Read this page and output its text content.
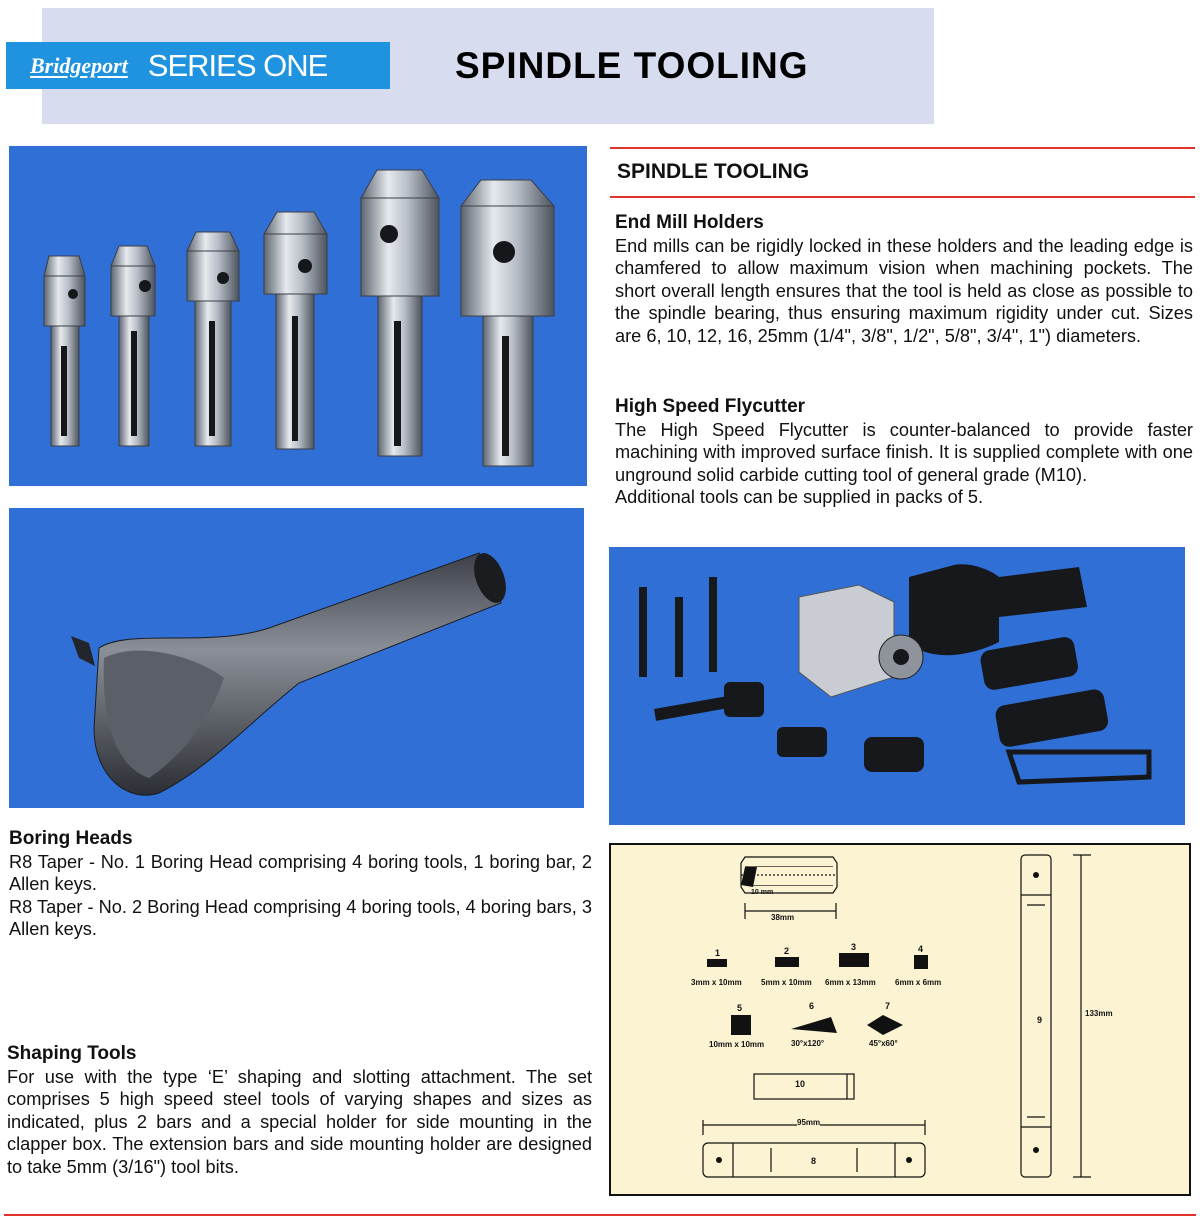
Bridgeport SERIES ONE	SPINDLE TOOLING
SPINDLE TOOLING
End Mill Holders

End mills can be rigidly locked in these holders and the leading edge is chamfered to allow maximum vision when machining pockets. The short overall length ensures that the tool is held as close as possible to the spindle bearing, thus ensuring maximum rigidity under cut. Sizes are 6, 10, 12, 16, 25mm (1/4", 3/8", 1/2", 5/8", 3/4", 1") diameters.

High Speed Flycutter

The High Speed Flycutter is counter-balanced to provide faster machining with improved surface finish. It is supplied complete with one unground solid carbide cutting tool of general grade (M10).

Additional tools can be supplied in packs of 5.

Boring Heads

R8 Taper - No. 1 Boring Head comprising 4 boring tools, 1 boring bar, 2 Allen keys.

R8 Taper - No. 2 Boring Head comprising 4 boring tools, 4 boring bars, 3 Allen keys.

Shaping Tools

For use with the type ‘E’ shaping and slotting attachment. The set comprises 5 high speed steel tools of varying shapes and sizes as indicated, plus 2 bars and a special holder for side mounting in the clapper box. The extension bars and side mounting holder are designed to take 5mm (3/16") tool bits.

10 mm
38mm
1
3mm x 10mm
2
5mm x 10mm
3
6mm x 13mm
4
6mm x 6mm
5
10mm x 10mm
6
30°x120°
7
45°x60°
10
95mm
8
9
133mm
